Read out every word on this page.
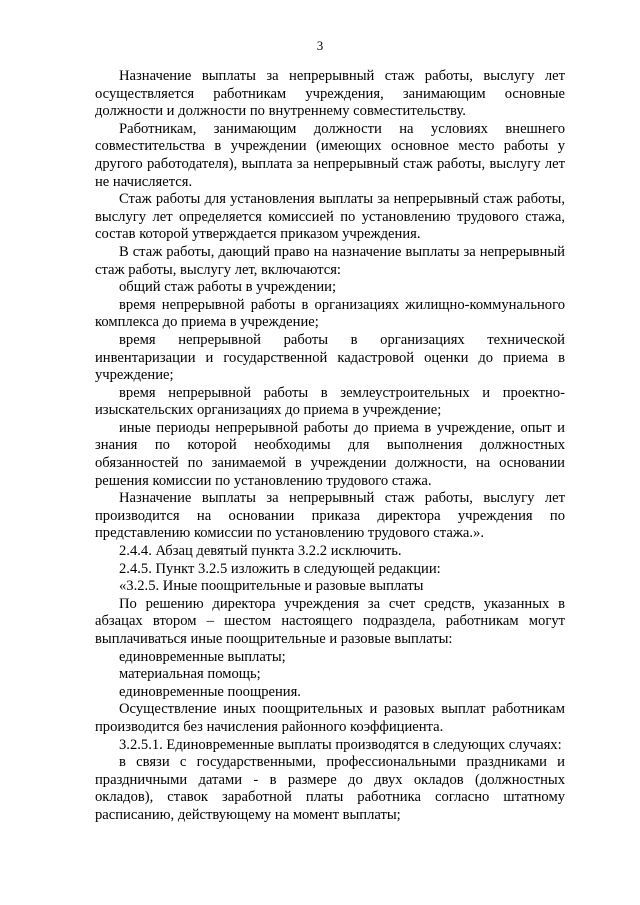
3

Назначение выплаты за непрерывный стаж работы, выслугу лет осуществляется работникам учреждения, занимающим основные должности и должности по внутреннему совместительству.

Работникам, занимающим должности на условиях внешнего совместительства в учреждении (имеющих основное место работы у другого работодателя), выплата за непрерывный стаж работы, выслугу лет не начисляется.

Стаж работы для установления выплаты за непрерывный стаж работы, выслугу лет определяется комиссией по установлению трудового стажа, состав которой утверждается приказом учреждения.

В стаж работы, дающий право на назначение выплаты за непрерывный стаж работы, выслугу лет, включаются:

общий стаж работы в учреждении;

время непрерывной работы в организациях жилищно-коммунального комплекса до приема в учреждение;

время непрерывной работы в организациях технической инвентаризации и государственной кадастровой оценки до приема в учреждение;

время непрерывной работы в землеустроительных и проектно-изыскательских организациях до приема в учреждение;

иные периоды непрерывной работы до приема в учреждение, опыт и знания по которой необходимы для выполнения должностных обязанностей по занимаемой в учреждении должности, на основании решения комиссии по установлению трудового стажа.

Назначение выплаты за непрерывный стаж работы, выслугу лет производится на основании приказа директора учреждения по представлению комиссии по установлению трудового стажа.».

2.4.4. Абзац девятый пункта 3.2.2 исключить.

2.4.5. Пункт 3.2.5 изложить в следующей редакции:

«3.2.5. Иные поощрительные и разовые выплаты

По решению директора учреждения за счет средств, указанных в абзацах втором – шестом настоящего подраздела, работникам могут выплачиваться иные поощрительные и разовые выплаты:

единовременные выплаты;

материальная помощь;

единовременные поощрения.

Осуществление иных поощрительных и разовых выплат работникам производится без начисления районного коэффициента.

3.2.5.1. Единовременные выплаты производятся в следующих случаях:

в связи с государственными, профессиональными праздниками и праздничными датами - в размере до двух окладов (должностных окладов), ставок заработной платы работника согласно штатному расписанию, действующему на момент выплаты;
